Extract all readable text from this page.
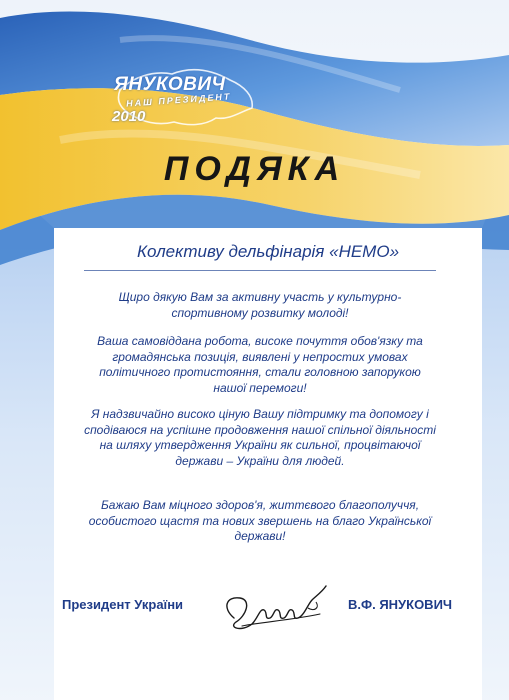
ЯНУКОВИЧ
НАШ ПРЕЗИДЕНТ
2010
ПОДЯКА
Колективу дельфінарія «НЕМО»
Щиро дякую Вам за активну участь у культурно-спортивному розвитку молоді!
Ваша самовіддана робота, високе почуття обов'язку та громадянська позиція, виявлені у непростих умовах політичного протистояння, стали головною запорукою нашої перемоги!
Я надзвичайно високо ціную Вашу підтримку та допомогу і сподіваюся на успішне продовження нашої спільної діяльності на шляху утвердження України як сильної, процвітаючої держави – України для людей.
Бажаю Вам міцного здоров'я, життєвого благополуччя, особистого щастя та нових звершень на благо Української держави!
Президент України	В.Ф. ЯНУКОВИЧ
